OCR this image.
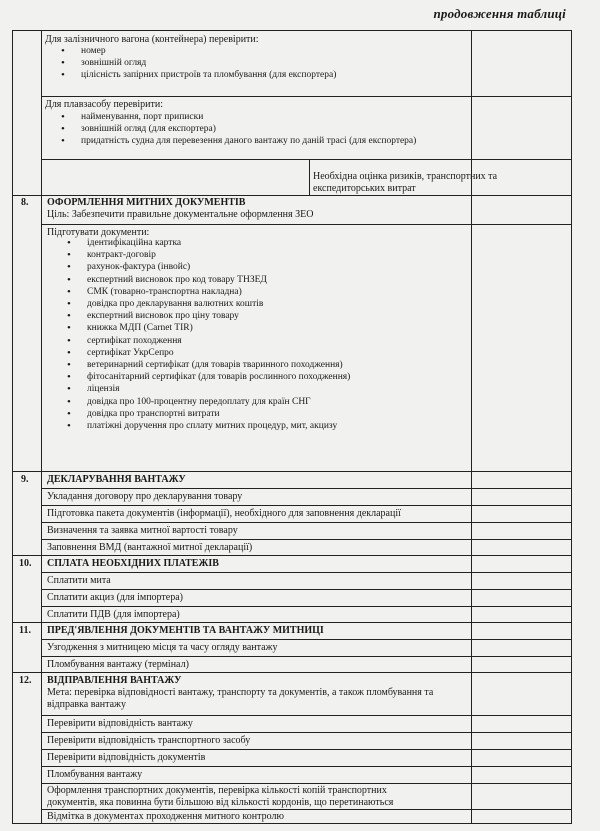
продовження таблиці
Для залізничного вагона (контейнера) перевірити:
• номер
• зовнішній огляд
• цілісність запірних пристроїв та пломбування (для експортера)
Для плавзасобу перевірити:
• найменування, порт приписки
• зовнішній огляд (для експортера)
• придатність судна для перевезення даного вантажу по даній трасі (для експортера)
Необхідна оцінка ризиків, транспортних та експедиторських витрат
8. ОФОРМЛЕННЯ МИТНИХ ДОКУМЕНТІВ
Ціль: Забезпечити правильне документальне оформлення ЗЕО
Підготувати документи:
• ідентифікаційна картка
• контракт-договір
• рахунок-фактура (інвойс)
• експертний висновок про код товару ТНЗЕД
• СМК (товарно-транспортна накладна)
• довідка про декларування валютних коштів
• експертний висновок про ціну товару
• книжка МДП (Carnet TIR)
• сертифікат походження
• сертифікат УкрСепро
• ветеринарний сертифікат (для товарів тваринного походження)
• фітосанітарний сертифікат (для товарів рослинного походження)
• ліцензія
• довідка про 100-процентну передоплату для країн СНГ
• довідка про транспортні витрати
• платіжні доручення про сплату митних процедур, мит, акцизу
9. ДЕКЛАРУВАННЯ ВАНТАЖУ
Укладання договору про декларування товару
Підготовка пакета документів (інформації), необхідного для заповнення декларації
Визначення та заявка митної вартості товару
Заповнення ВМД (вантажної митної декларації)
10. СПЛАТА НЕОБХІДНИХ ПЛАТЕЖІВ
Сплатити мита
Сплатити акциз (для імпортера)
Сплатити ПДВ (для імпортера)
11. ПРЕД'ЯВЛЕННЯ ДОКУМЕНТІВ ТА ВАНТАЖУ МИТНИЦІ
Узгодження з митницею місця та часу огляду вантажу
Пломбування вантажу (термінал)
12. ВІДПРАВЛЕННЯ ВАНТАЖУ
Мета: перевірка відповідності вантажу, транспорту та документів, а також пломбування та відправка вантажу
Перевірити відповідність вантажу
Перевірити відповідність транспортного засобу
Перевірити відповідність документів
Пломбування вантажу
Оформлення транспортних документів, перевірка кількості копій транспортних документів, яка повинна бути більшою від кількості кордонів, що перетинаються
Відмітка в документах проходження митного контролю
